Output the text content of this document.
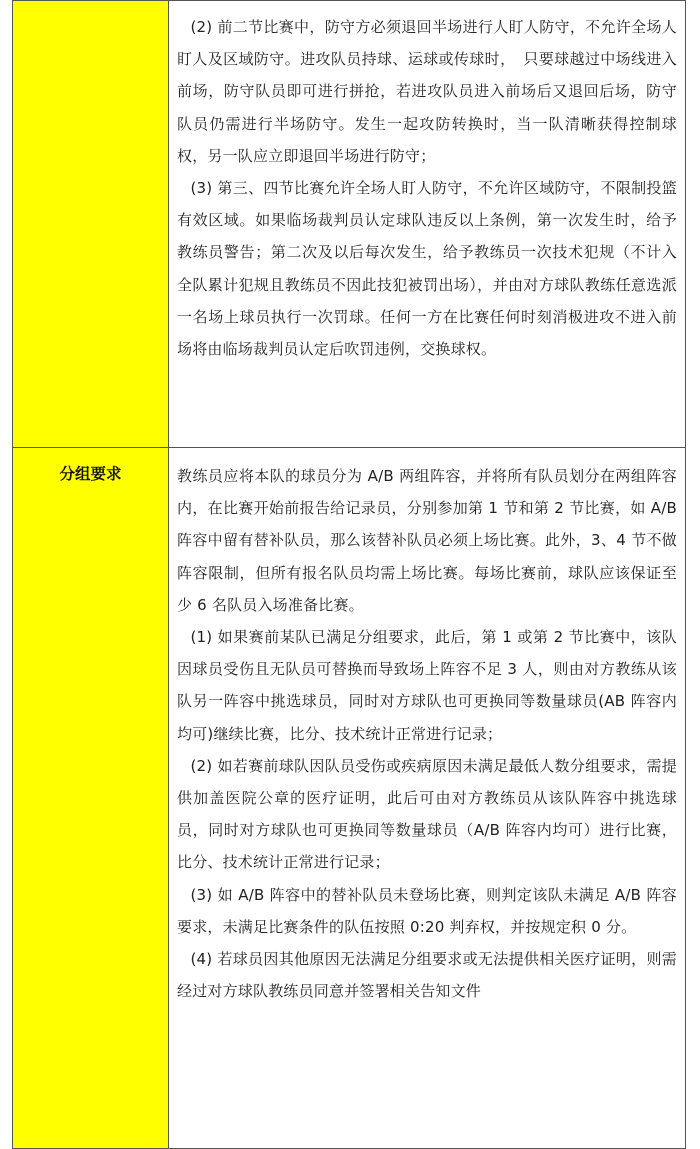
	(2) 前二节比赛中，防守方必须退回半场进行人盯人防守，不允许全场人盯人及区域防守。进攻队员持球、运球或传球时，　只要球越过中场线进入前场，防守队员即可进行拼抢，若进攻队员进入前场后又退回后场，防守队员仍需进行半场防守。发生一起攻防转换时，当一队清晰获得控制球权，另一队应立即退回半场进行防守；

(3) 第三、四节比赛允许全场人盯人防守，不允许区域防守，不限制投篮有效区域。如果临场裁判员认定球队违反以上条例，第一次发生时，给予教练员警告；第二次及以后每次发生，给予教练员一次技术犯规（不计入全队累计犯规且教练员不因此技犯被罚出场），并由对方球队教练任意选派一名场上球员执行一次罚球。任何一方在比赛任何时刻消极进攻不进入前场将由临场裁判员认定后吹罚违例，交换球权。

分组要求	教练员应将本队的球员分为 A/B 两组阵容，并将所有队员划分在两组阵容内，在比赛开始前报告给记录员，分别参加第 1 节和第 2 节比赛，如 A/B 阵容中留有替补队员，那么该替补队员必须上场比赛。此外，3、4 节不做阵容限制，但所有报名队员均需上场比赛。每场比赛前，球队应该保证至少 6 名队员入场准备比赛。

(1) 如果赛前某队已满足分组要求，此后，第 1 或第 2 节比赛中，该队因球员受伤且无队员可替换而导致场上阵容不足 3 人，则由对方教练从该队另一阵容中挑选球员，同时对方球队也可更换同等数量球员(AB 阵容内均可)继续比赛，比分、技术统计正常进行记录；

(2) 如若赛前球队因队员受伤或疾病原因未满足最低人数分组要求，需提供加盖医院公章的医疗证明，此后可由对方教练员从该队阵容中挑选球员，同时对方球队也可更换同等数量球员（A/B 阵容内均可）进行比赛，比分、技术统计正常进行记录；

(3) 如 A/B 阵容中的替补队员未登场比赛，则判定该队未满足 A/B 阵容要求，未满足比赛条件的队伍按照 0:20 判弃权，并按规定积 0 分。

(4) 若球员因其他原因无法满足分组要求或无法提供相关医疗证明，则需经过对方球队教练员同意并签署相关告知文件
